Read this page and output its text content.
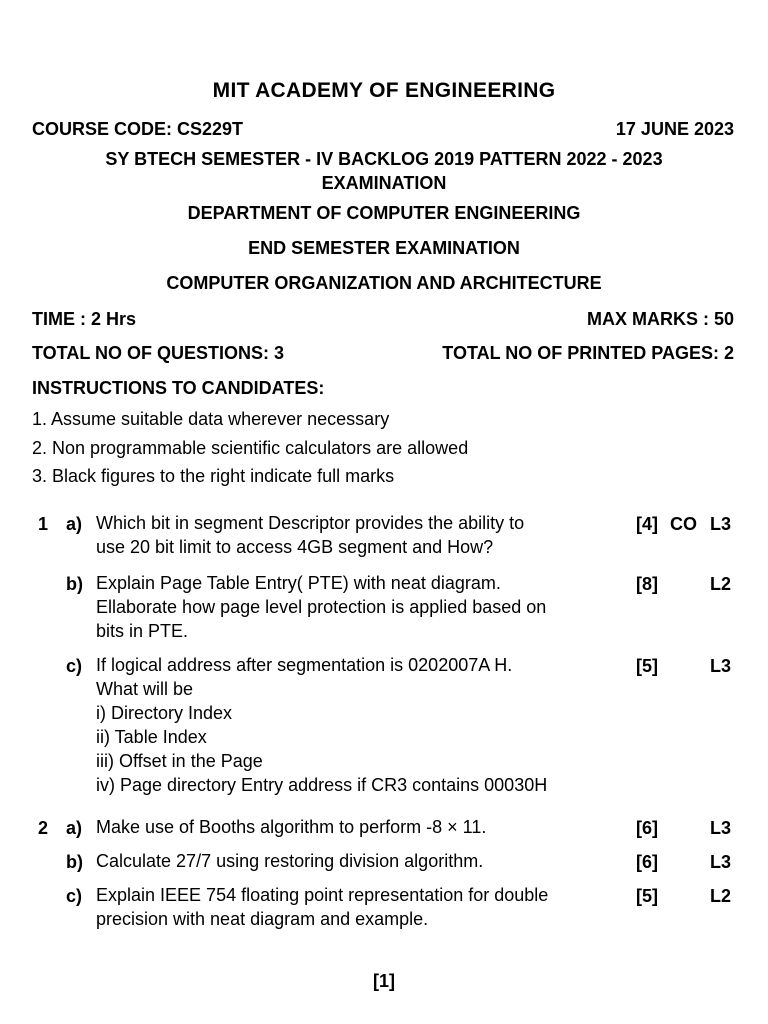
MIT ACADEMY OF ENGINEERING
COURSE CODE: CS229T	17 JUNE 2023
SY BTECH SEMESTER - IV BACKLOG 2019 PATTERN 2022 - 2023
EXAMINATION
DEPARTMENT OF COMPUTER ENGINEERING
END SEMESTER EXAMINATION
COMPUTER ORGANIZATION AND ARCHITECTURE
TIME : 2 Hrs	MAX MARKS : 50
TOTAL NO OF QUESTIONS: 3	TOTAL NO OF PRINTED PAGES: 2
INSTRUCTIONS TO CANDIDATES:
1. Assume suitable data wherever necessary
2. Non programmable scientific calculators are allowed
3. Black figures to the right indicate full marks
1 a) Which bit in segment Descriptor provides the ability to
use 20 bit limit to access 4GB segment and How?
[4] CO L3
b) Explain Page Table Entry( PTE) with neat diagram.
Ellaborate how page level protection is applied based on
bits in PTE.
[8]	L2
c) If logical address after segmentation is 0202007A H.
What will be
i) Directory Index
ii) Table Index
iii) Offset in the Page
iv) Page directory Entry address if CR3 contains 00030H
[5]	L3
2 a) Make use of Booths algorithm to perform -8 × 11.	[6]	L3
b) Calculate 27/7 using restoring division algorithm.	[6]	L3
c) Explain IEEE 754 floating point representation for double
precision with neat diagram and example.
[5]	L2
[1]
